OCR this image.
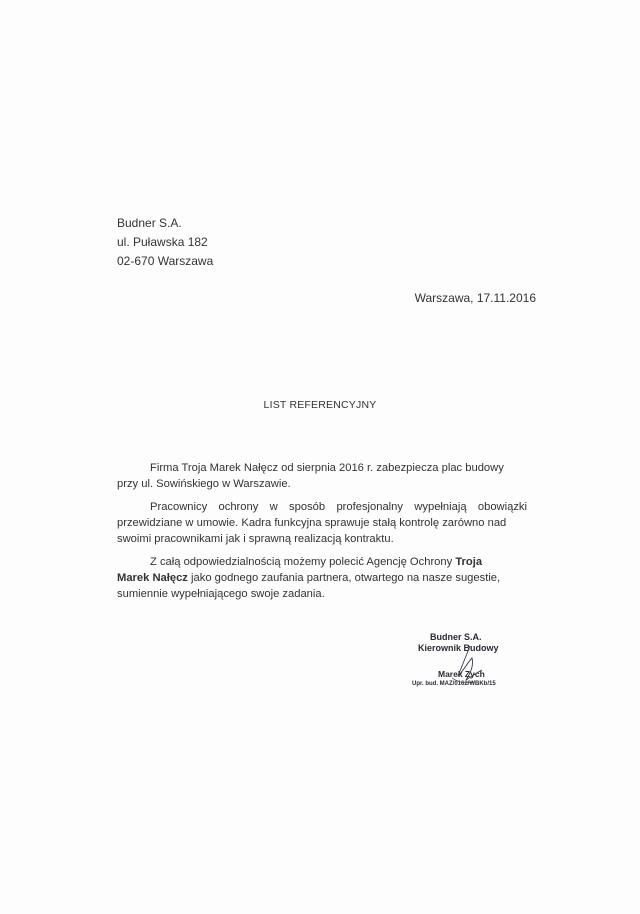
Budner S.A.
ul. Puławska 182
02-670 Warszawa
Warszawa, 17.11.2016
LIST REFERENCYJNY
Firma Troja Marek Nałęcz od sierpnia 2016 r. zabezpiecza plac budowy
przy ul. Sowińskiego w Warszawie.
Pracownicy ochrony w sposób profesjonalny wypełniają obowiązki
przewidziane w umowie. Kadra funkcyjna sprawuje stałą kontrolę zarówno nad
swoimi pracownikami jak i sprawną realizacją kontraktu.
Z całą odpowiedzialnością możemy polecić Agencję Ochrony Troja
Marek Nałęcz jako godnego zaufania partnera, otwartego na nasze sugestie,
sumiennie wypełniającego swoje zadania.
Budner S.A.
Kierownik Budowy
Marek Zych
Upr. bud. MAZ/0162/WBKb/15
